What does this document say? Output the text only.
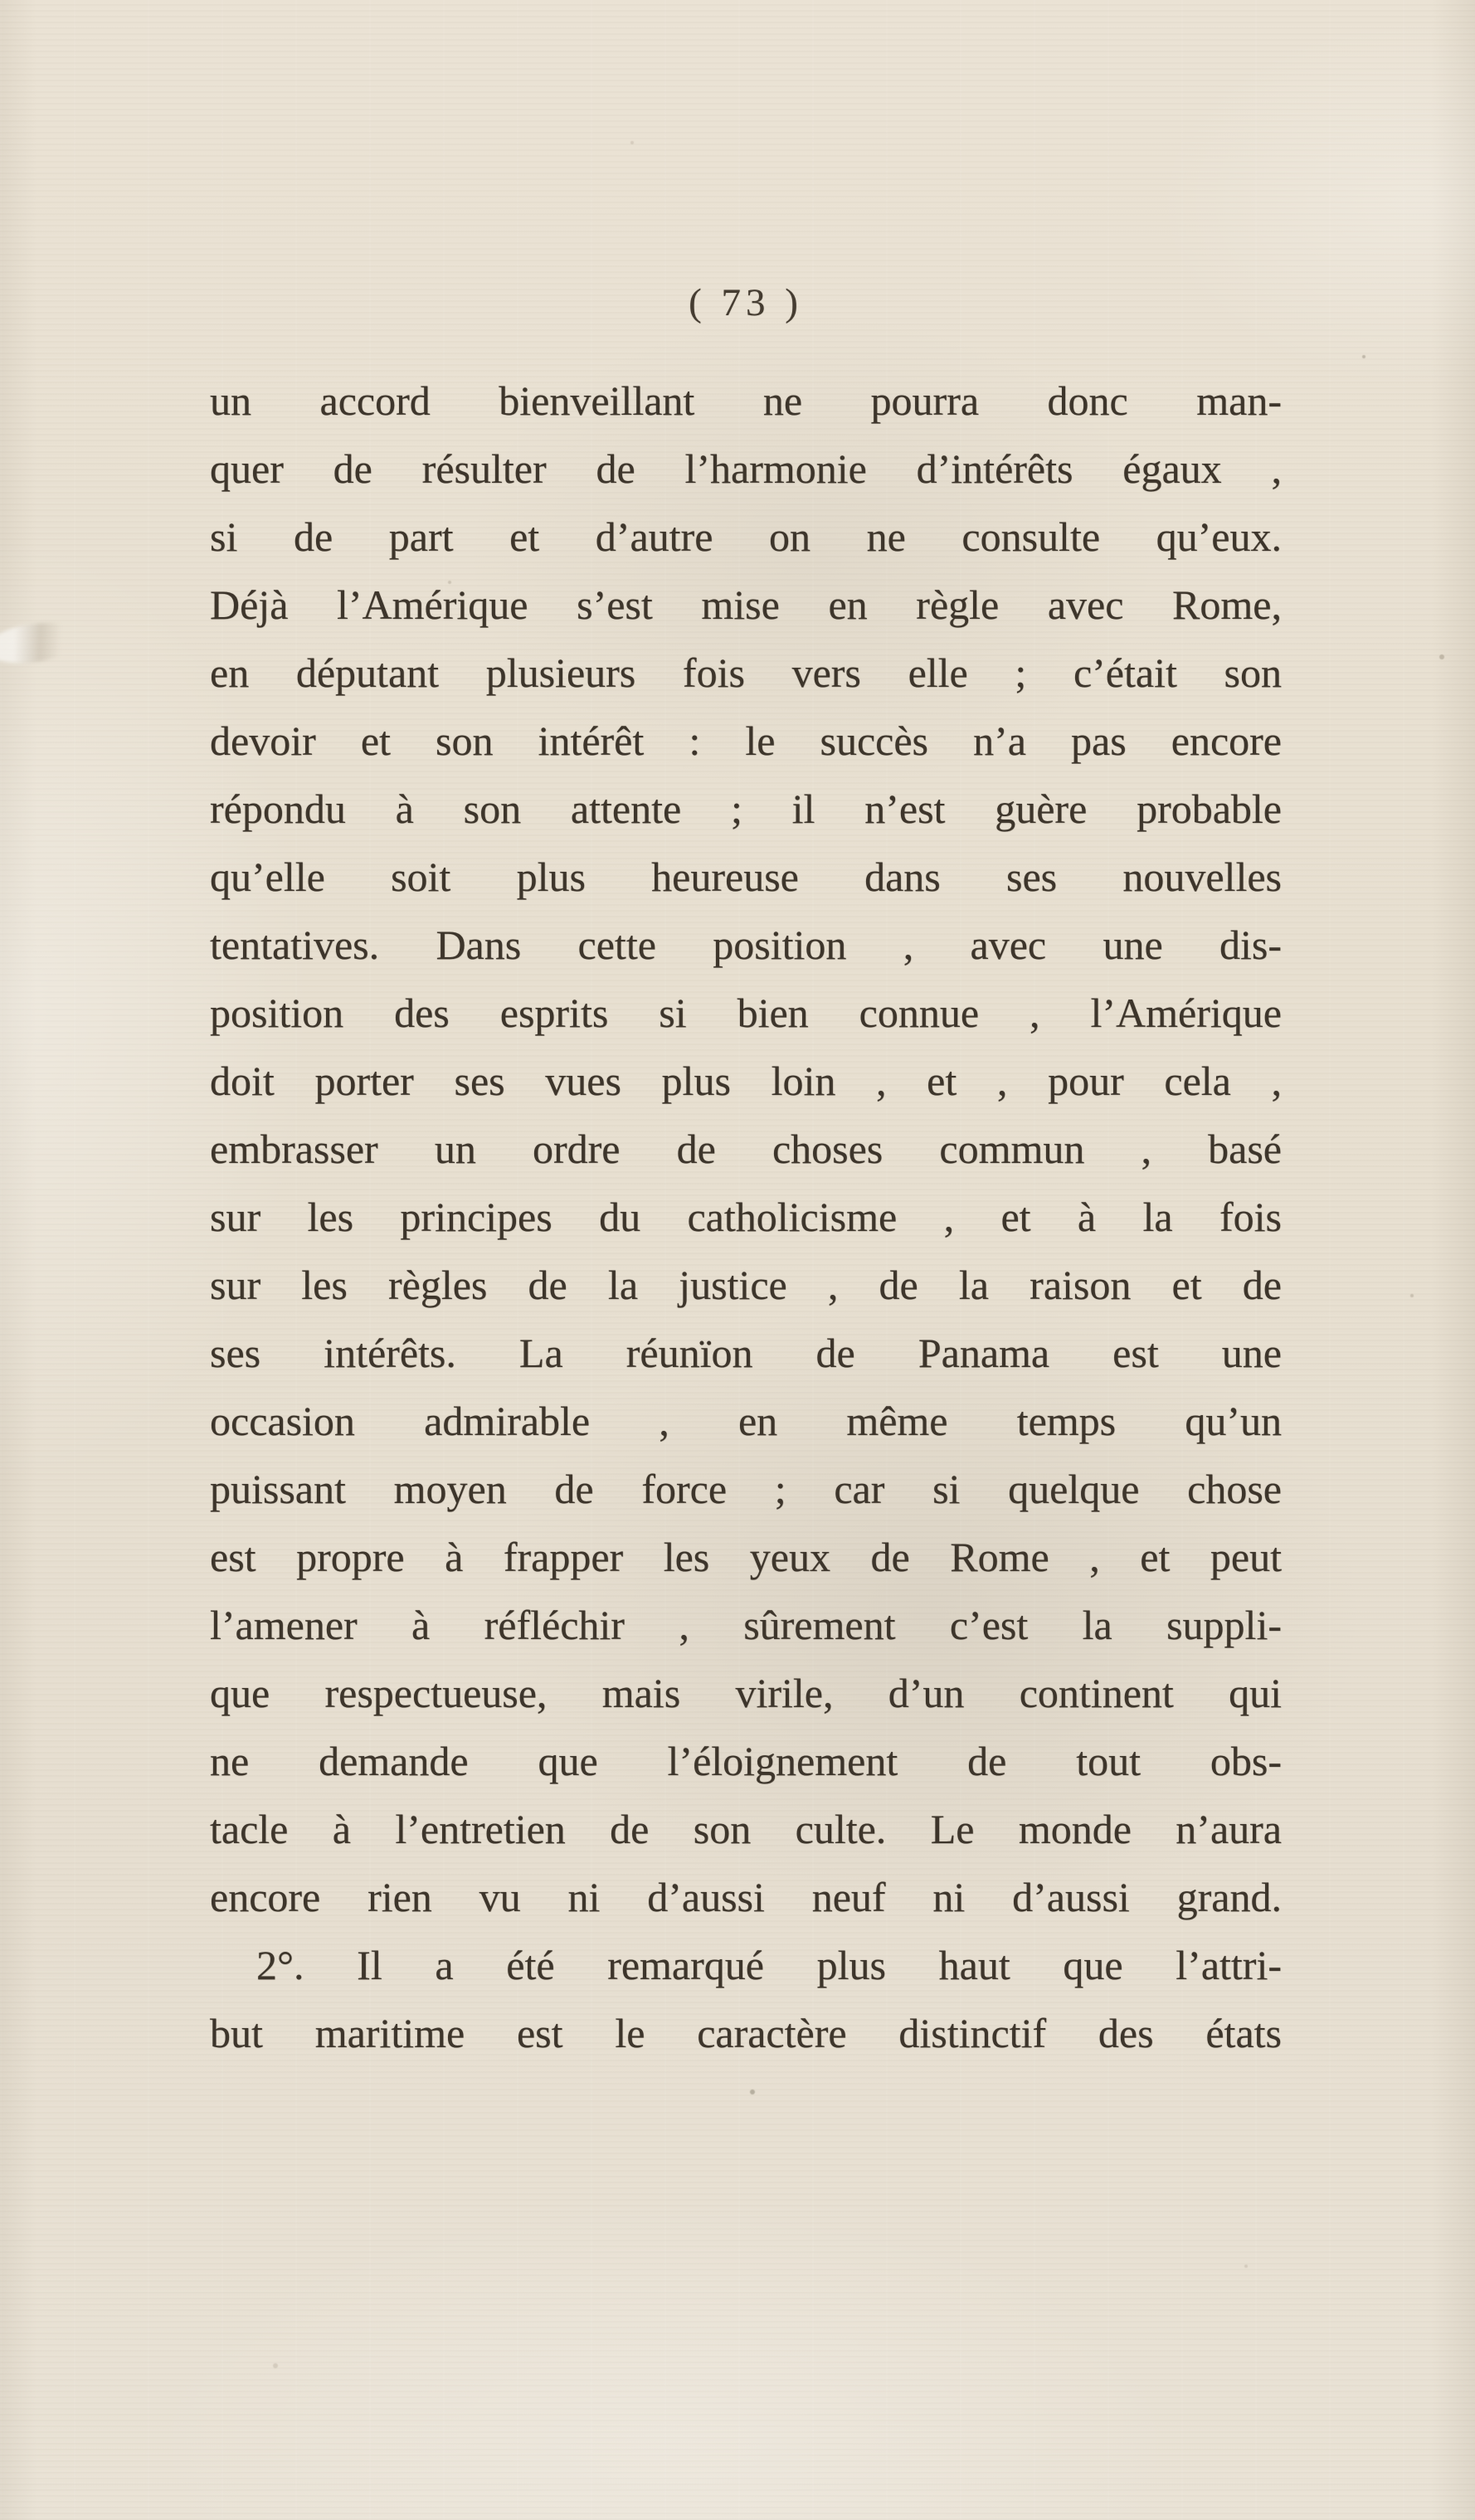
( 73 )
un accord bienveillant ne pourra donc man-
quer de résulter de l’harmonie d’intérêts égaux ,
si de part et d’autre on ne consulte qu’eux.
Déjà l’Amérique s’est mise en règle avec Rome,
en députant plusieurs fois vers elle ; c’était son
devoir et son intérêt : le succès n’a pas encore
répondu à son attente ; il n’est guère probable
qu’elle soit plus heureuse dans ses nouvelles
tentatives. Dans cette position , avec une dis-
position des esprits si bien connue , l’Amérique
doit porter ses vues plus loin , et , pour cela ,
embrasser un ordre de choses commun , basé
sur les principes du catholicisme , et à la fois
sur les règles de la justice , de la raison et de
ses intérêts. La réunïon de Panama est une
occasion admirable , en même temps qu’un
puissant moyen de force ; car si quelque chose
est propre à frapper les yeux de Rome , et peut
l’amener à réfléchir , sûrement c’est la suppli-
que respectueuse, mais virile, d’un continent qui
ne demande que l’éloignement de tout obs-
tacle à l’entretien de son culte. Le monde n’aura
encore rien vu ni d’aussi neuf ni d’aussi grand.
2°. Il a été remarqué plus haut que l’attri-
but maritime est le caractère distinctif des états
